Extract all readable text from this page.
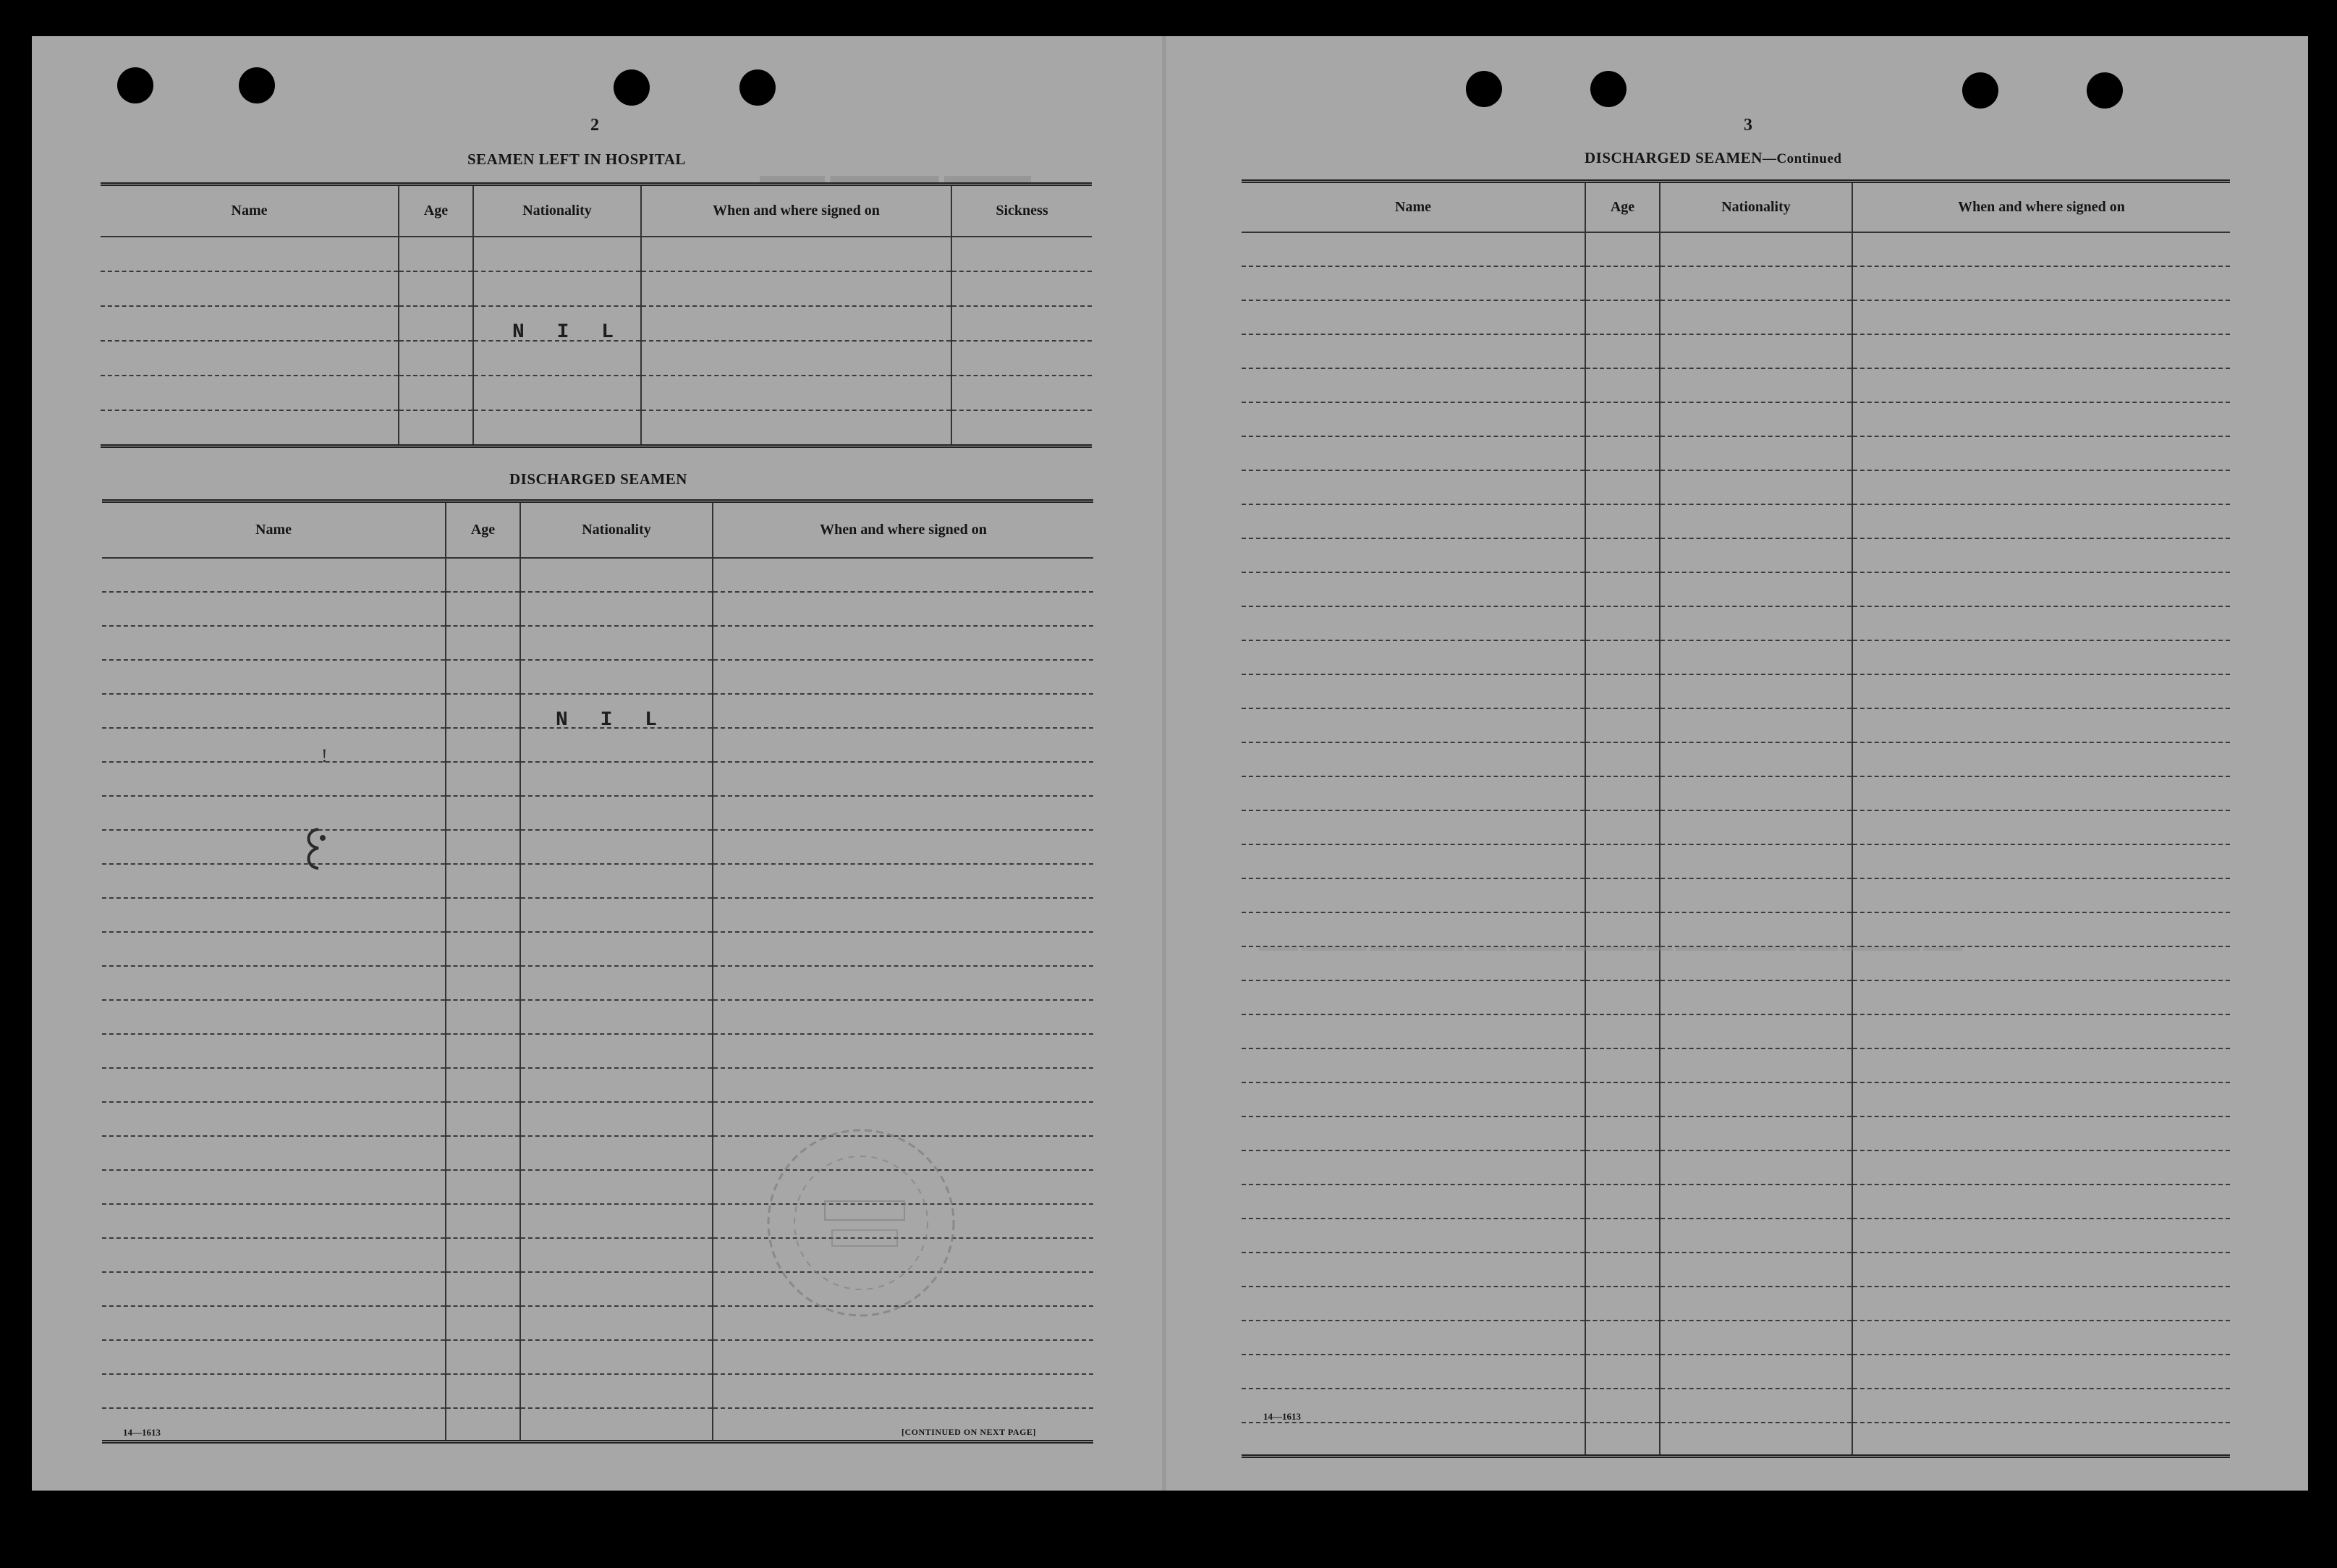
▬▬▬ ▬▬▬▬▬ ▬▬▬▬
2
SEAMEN LEFT IN HOSPITAL
Name	Age	Nationality	When and where signed on	Sickness

N I L
DISCHARGED SEAMEN
Name	Age	Nationality	When and where signed on

N I L
!
14—1613	[CONTINUED ON NEXT PAGE]
3
DISCHARGED SEAMEN—Continued
Name	Age	Nationality	When and where signed on

▬▬▬ ▬▬▬▬▬ ▬▬ ▬▬▬▬▬ ▬▬▬ ▬▬▬▬ ▬▬▬▬▬▬ ▬▬ ▬▬▬▬ ▬▬▬▬▬ ▬▬▬ ▬▬▬▬▬▬ ▬▬▬
14—1613
